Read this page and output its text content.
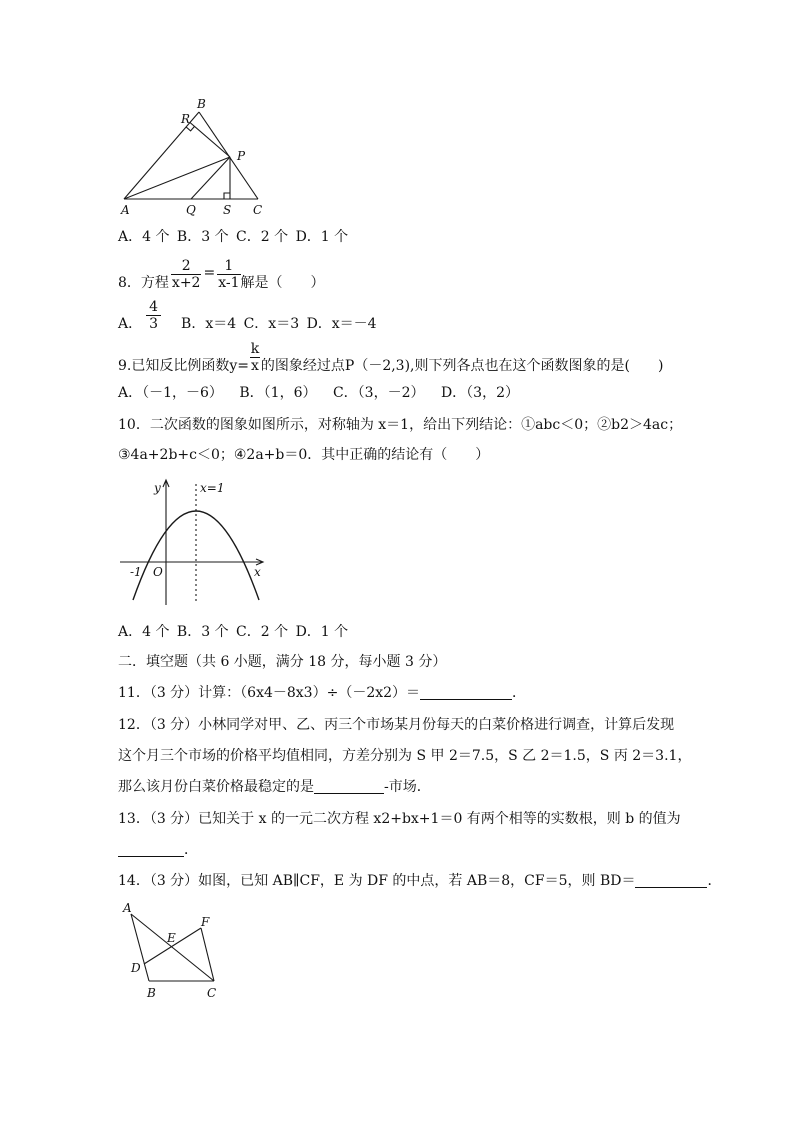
B
R
P
A	Q S C
A．4 个 B．3 个 C．2 个 D．1 个
8．方程 $\frac{2}{x+2}$
=
$\frac{1}{x-1}$ 解是（　　）
A． $\frac{4}{3}$ B．x＝4 C．x＝3 D．x＝－4
9.已知反比例函数$y= \frac{k}{x}$ 的图象经过点P（－2,3),则下列各点也在这个函数图象的是(　　)
A．（－1，－6） B．（1，6） C．（3，－2） D．（3，2）
10．二次函数的图象如图所示，对称轴为 x＝1，给出下列结论：①abc＜0；②b2＞4ac；
③4a+2b+c＜0；④2a+b＝0．其中正确的结论有（　　）
y	x=1
-1 O	x
A．4 个 B．3 个 C．2 个 D．1 个
二．填空题（共 6 小题，满分 18 分，每小题 3 分）
11．（3 分）计算：（6x4－8x3）÷（－2x2）＝	．
12．（3 分）小林同学对甲、乙、丙三个市场某月份每天的白菜价格进行调查，计算后发现
这个月三个市场的价格平均值相同，方差分别为 S 甲 2＝7.5，S 乙 2＝1.5，S 丙 2＝3.1，
那么该月份白菜价格最稳定的是	-市场．
13．（3 分）已知关于 x 的一元二次方程 x2+bx+1＝0 有两个相等的实数根，则 b 的值为
．
14．（3 分）如图，已知 AB∥CF，E 为 DF 的中点，若 AB＝8，CF＝5，则 BD＝	．
A
F
E
D
B	C
